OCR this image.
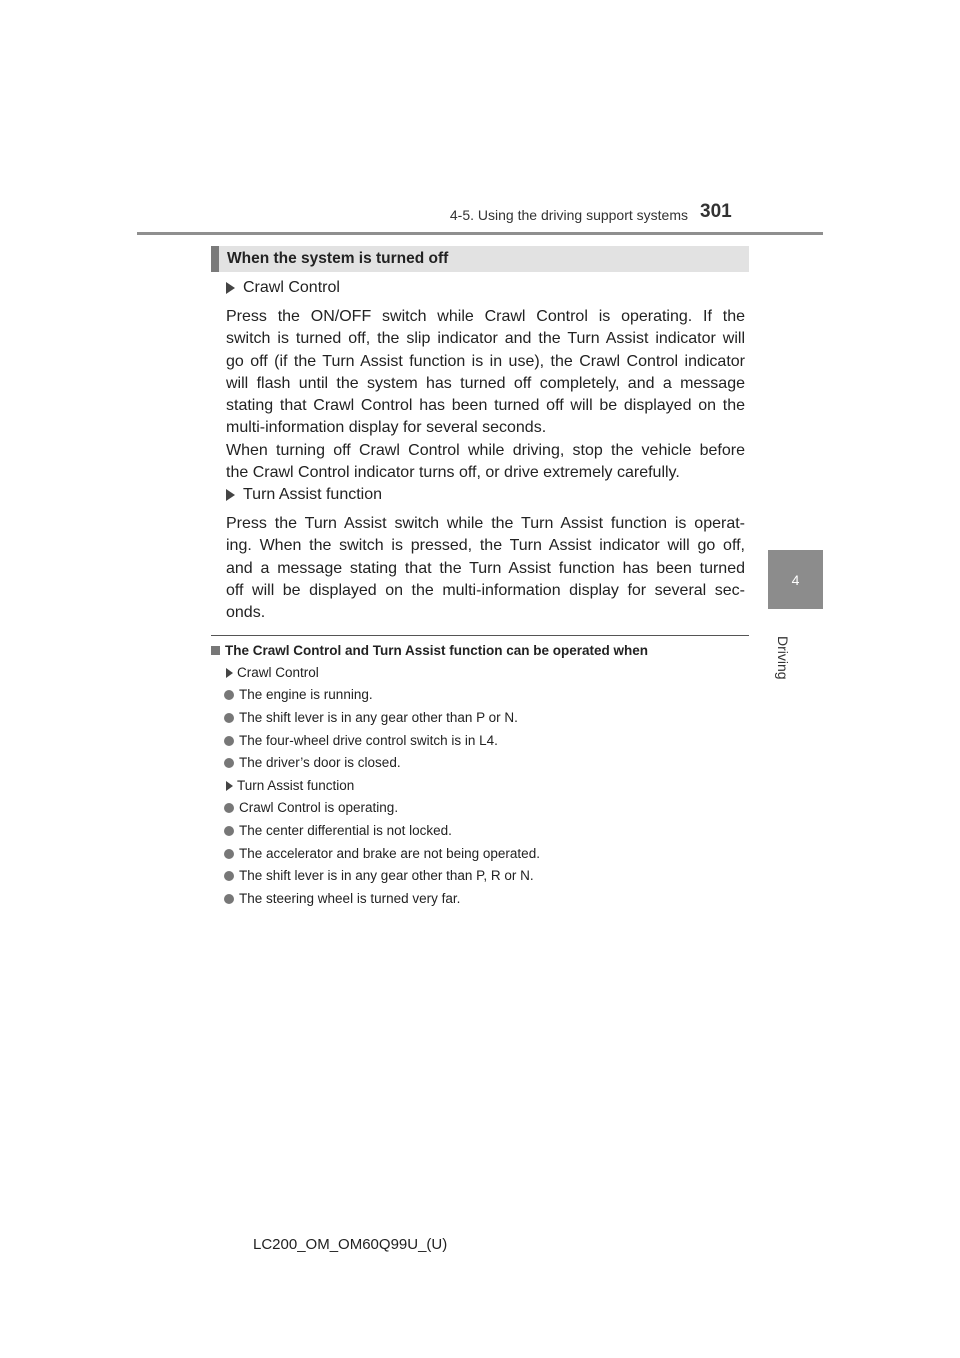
4-5. Using the driving support systems 301
4
Driving
When the system is turned off
Crawl Control
Press the ON/OFF switch while Crawl Control is operating. If the
switch is turned off, the slip indicator and the Turn Assist indicator will
go off (if the Turn Assist function is in use), the Crawl Control indicator
will flash until the system has turned off completely, and a message
stating that Crawl Control has been turned off will be displayed on the
multi-information display for several seconds.
When turning off Crawl Control while driving, stop the vehicle before
the Crawl Control indicator turns off, or drive extremely carefully.
Turn Assist function
Press the Turn Assist switch while the Turn Assist function is operat-
ing. When the switch is pressed, the Turn Assist indicator will go off,
and a message stating that the Turn Assist function has been turned
off will be displayed on the multi-information display for several sec-
onds.
The Crawl Control and Turn Assist function can be operated when
Crawl Control
The engine is running.
The shift lever is in any gear other than P or N.
The four-wheel drive control switch is in L4.
The driver’s door is closed.
Turn Assist function
Crawl Control is operating.
The center differential is not locked.
The accelerator and brake are not being operated.
The shift lever is in any gear other than P, R or N.
The steering wheel is turned very far.
LC200_OM_OM60Q99U_(U)
